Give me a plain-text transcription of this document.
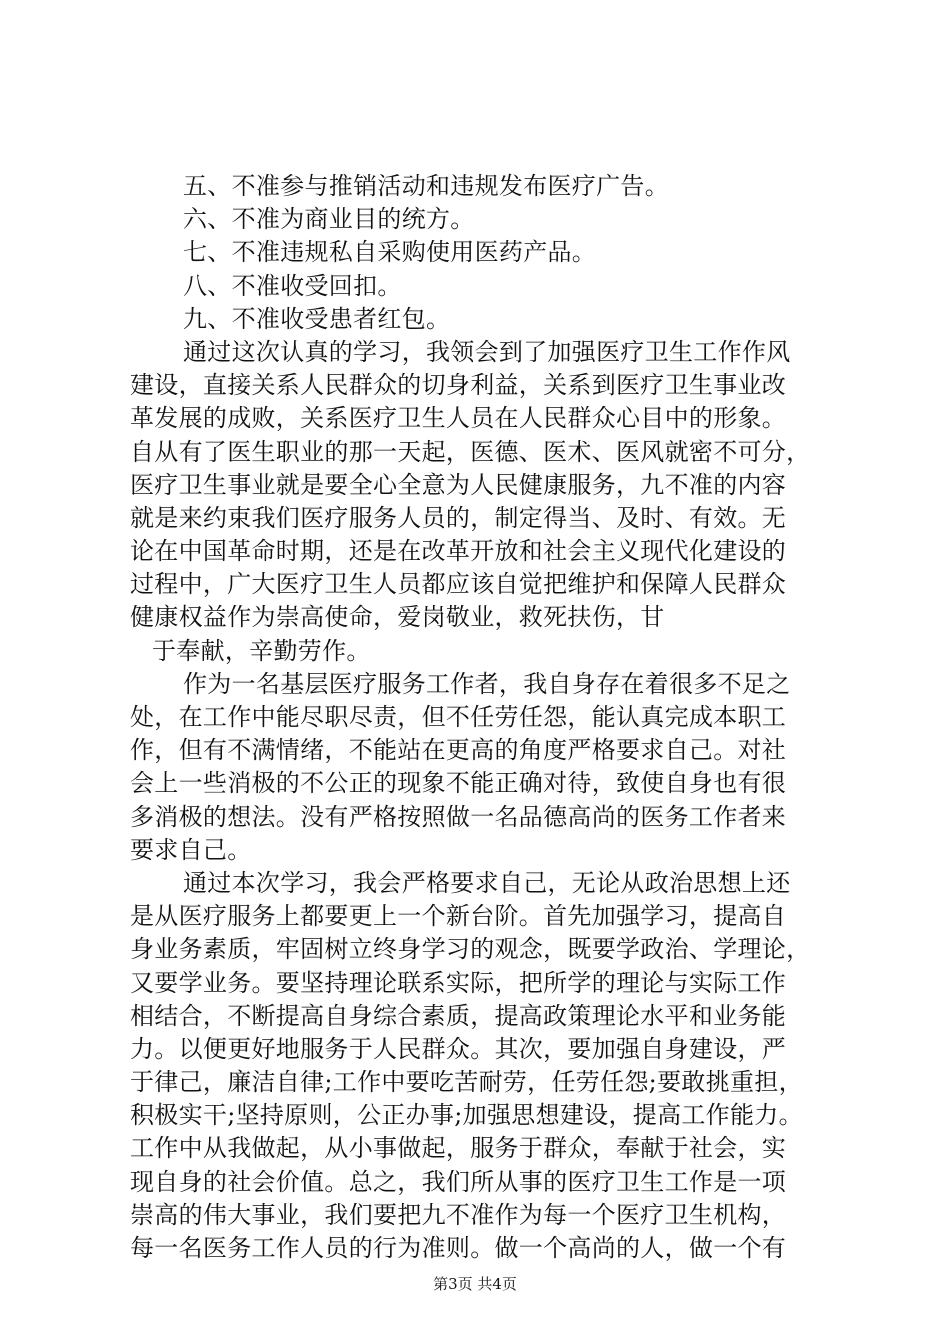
五、不准参与推销活动和违规发布医疗广告。
六、不准为商业目的统方。
七、不准违规私自采购使用医药产品。
八、不准收受回扣。
九、不准收受患者红包。
通过这次认真的学习，我领会到了加强医疗卫生工作作风
建设，直接关系人民群众的切身利益，关系到医疗卫生事业改
革发展的成败，关系医疗卫生人员在人民群众心目中的形象。
自从有了医生职业的那一天起，医德、医术、医风就密不可分，
医疗卫生事业就是要全心全意为人民健康服务，九不准的内容
就是来约束我们医疗服务人员的，制定得当、及时、有效。无
论在中国革命时期，还是在改革开放和社会主义现代化建设的
过程中，广大医疗卫生人员都应该自觉把维护和保障人民群众
健康权益作为崇高使命，爱岗敬业，救死扶伤，甘
于奉献，辛勤劳作。
作为一名基层医疗服务工作者，我自身存在着很多不足之
处，在工作中能尽职尽责，但不任劳任怨，能认真完成本职工
作，但有不满情绪，不能站在更高的角度严格要求自己。对社
会上一些消极的不公正的现象不能正确对待，致使自身也有很
多消极的想法。没有严格按照做一名品德高尚的医务工作者来
要求自己。
通过本次学习，我会严格要求自己，无论从政治思想上还
是从医疗服务上都要更上一个新台阶。首先加强学习，提高自
身业务素质，牢固树立终身学习的观念，既要学政治、学理论，
又要学业务。要坚持理论联系实际，把所学的理论与实际工作
相结合，不断提高自身综合素质，提高政策理论水平和业务能
力。以便更好地服务于人民群众。其次，要加强自身建设，严
于律己，廉洁自律;工作中要吃苦耐劳，任劳任怨;要敢挑重担，
积极实干;坚持原则，公正办事;加强思想建设，提高工作能力。
工作中从我做起，从小事做起，服务于群众，奉献于社会，实
现自身的社会价值。总之，我们所从事的医疗卫生工作是一项
崇高的伟大事业，我们要把九不准作为每一个医疗卫生机构，
每一名医务工作人员的行为准则。做一个高尚的人，做一个有
第3页 共4页
